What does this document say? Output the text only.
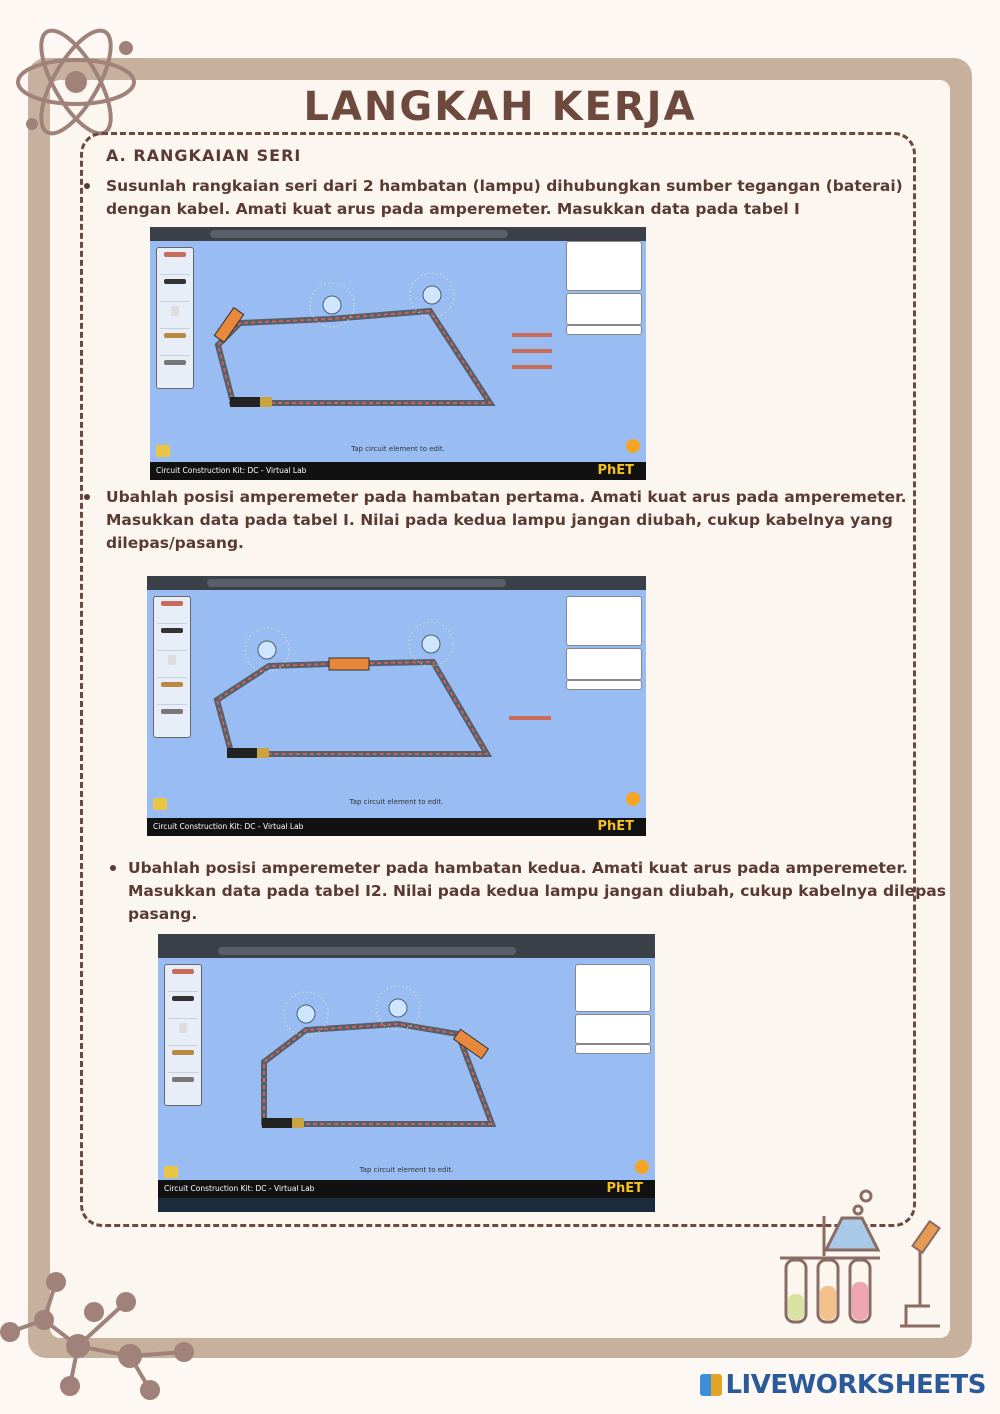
LANGKAH KERJA
A. RANGKAIAN SERI
Susunlah rangkaian seri dari 2 hambatan (lampu) dihubungkan sumber tegangan (baterai)
dengan kabel. Amati kuat arus pada amperemeter. Masukkan data pada tabel I
Tap circuit element to edit.
Circuit Construction Kit: DC - Virtual Lab	PhET
Ubahlah posisi amperemeter pada hambatan pertama. Amati kuat arus pada amperemeter.
Masukkan data pada tabel I. Nilai pada kedua lampu jangan diubah, cukup kabelnya yang
dilepas/pasang.
Tap circuit element to edit.
Circuit Construction Kit: DC - Virtual Lab	PhET
Ubahlah posisi amperemeter pada hambatan kedua. Amati kuat arus pada amperemeter.
Masukkan data pada tabel I2. Nilai pada kedua lampu jangan diubah, cukup kabelnya dilepas
pasang.
Tap circuit element to edit.
Circuit Construction Kit: DC - Virtual Lab	PhET
LIVEWORKSHEETS
